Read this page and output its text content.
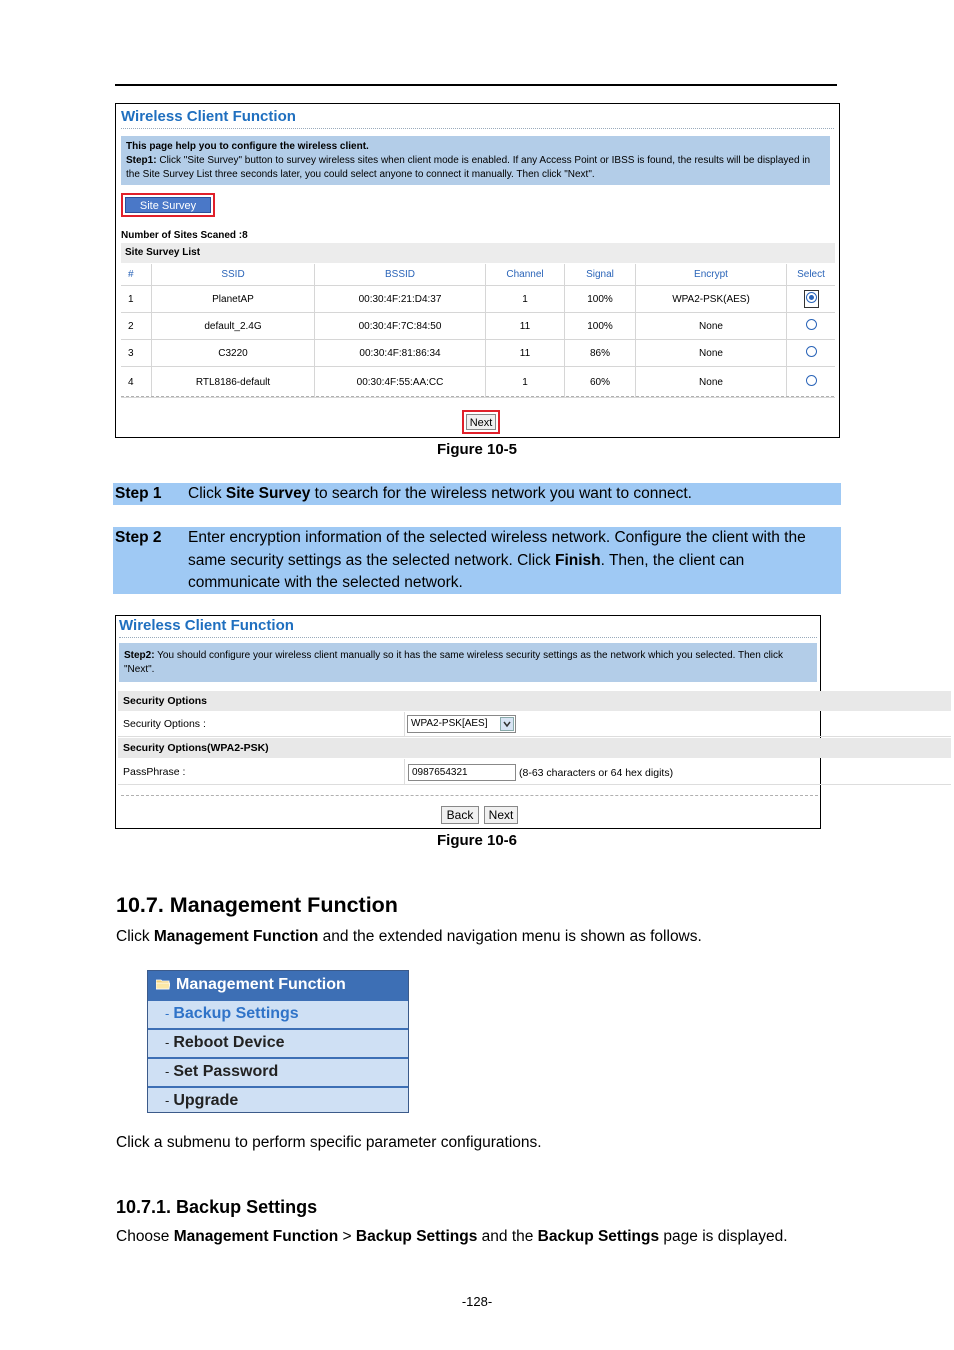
Wireless Client Function
This page help you to configure the wireless client.
Step1: Click "Site Survey" button to survey wireless sites when client mode is enabled. If any Access Point or IBSS is found, the results will be displayed in the Site Survey List three seconds later, you could select anyone to connect it manually. Then click "Next".
Site Survey
Number of Sites Scaned :8
Site Survey List
#	SSID	BSSID	Channel	Signal	Encrypt	Select
1	PlanetAP	00:30:4F:21:D4:37	1	100%	WPA2-PSK(AES)	
2	default_2.4G	00:30:4F:7C:84:50	11	100%	None	
3	C3220	00:30:4F:81:86:34	11	86%	None	
4	RTL8186-default	00:30:4F:55:AA:CC	1	60%	None	
Next
Figure 10-5
Step 1 Click Site Survey to search for the wireless network you want to connect.
Step 2 Enter encryption information of the selected wireless network. Configure the client with the same security settings as the selected network. Click Finish. Then, the client can communicate with the selected network.
Wireless Client Function
Step2: You should configure your wireless client manually so it has the same wireless security settings as the network which you selected. Then click "Next".
Security Options
Security Options :	WPA2-PSK[AES]
Security Options(WPA2-PSK)
PassPhrase :	0987654321	(8-63 characters or 64 hex digits)
Back	Next
Figure 10-6
10.7. Management Function
Click Management Function and the extended navigation menu is shown as follows.
Management Function
- Backup Settings
- Reboot Device
- Set Password
- Upgrade
Click a submenu to perform specific parameter configurations.
10.7.1. Backup Settings
Choose Management Function > Backup Settings and the Backup Settings page is displayed.
-128-
